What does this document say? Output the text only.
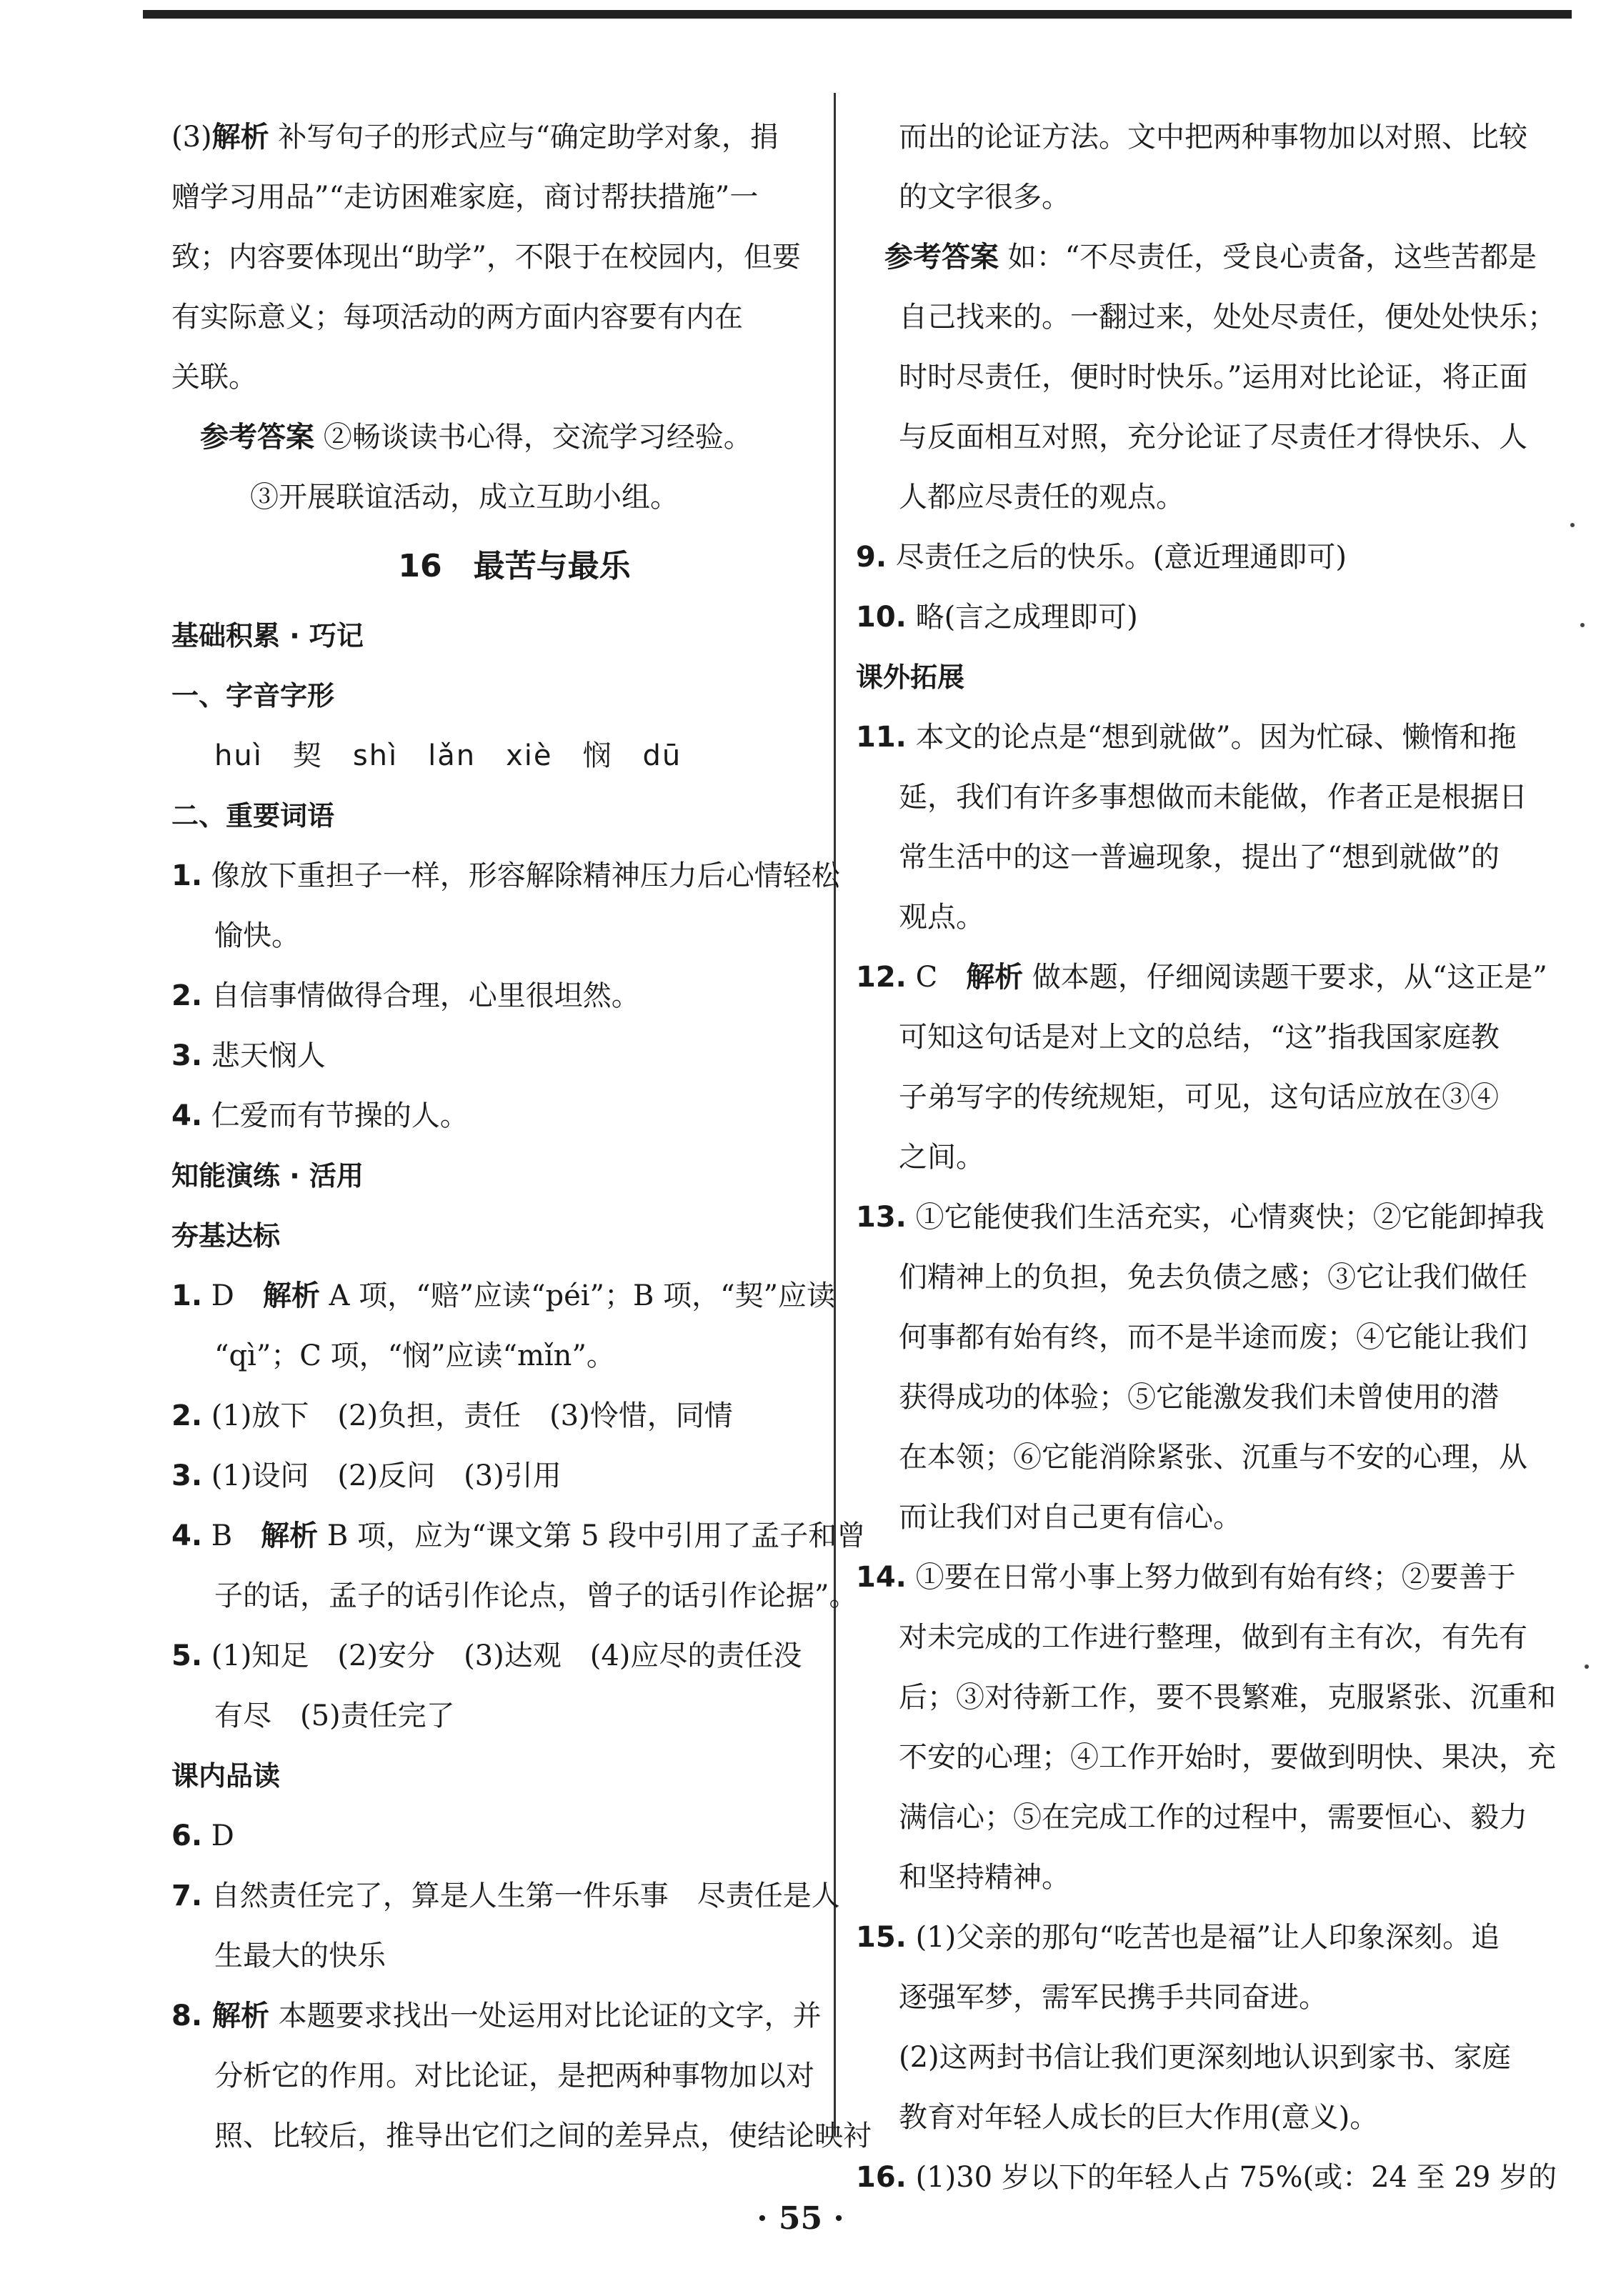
(3)解析 补写句子的形式应与“确定助学对象，捐
赠学习用品”“走访困难家庭，商讨帮扶措施”一
致；内容要体现出“助学”，不限于在校园内，但要
有实际意义；每项活动的两方面内容要有内在
关联。
参考答案 ②畅谈读书心得，交流学习经验。
③开展联谊活动，成立互助小组。
16　最苦与最乐
基础积累 · 巧记
一、字音字形
huì　契　shì　lǎn　xiè　悯　dū
二、重要词语
1. 像放下重担子一样，形容解除精神压力后心情轻松
愉快。
2. 自信事情做得合理，心里很坦然。
3. 悲天悯人
4. 仁爱而有节操的人。
知能演练 · 活用
夯基达标
1. D　解析 A 项，“赔”应读“péi”；B 项，“契”应读
“qì”；C 项，“悯”应读“mǐn”。
2. (1)放下　(2)负担，责任　(3)怜惜，同情
3. (1)设问　(2)反问　(3)引用
4. B　解析 B 项，应为“课文第 5 段中引用了孟子和曾
子的话，孟子的话引作论点，曾子的话引作论据”。
5. (1)知足　(2)安分　(3)达观　(4)应尽的责任没
有尽　(5)责任完了
课内品读
6. D
7. 自然责任完了，算是人生第一件乐事　尽责任是人
生最大的快乐
8. 解析 本题要求找出一处运用对比论证的文字，并
分析它的作用。对比论证，是把两种事物加以对
照、比较后，推导出它们之间的差异点，使结论映衬
而出的论证方法。文中把两种事物加以对照、比较
的文字很多。
参考答案 如：“不尽责任，受良心责备，这些苦都是
自己找来的。一翻过来，处处尽责任，便处处快乐；
时时尽责任，便时时快乐。”运用对比论证，将正面
与反面相互对照，充分论证了尽责任才得快乐、人
人都应尽责任的观点。
9. 尽责任之后的快乐。(意近理通即可)
10. 略(言之成理即可)
课外拓展
11. 本文的论点是“想到就做”。因为忙碌、懒惰和拖
延，我们有许多事想做而未能做，作者正是根据日
常生活中的这一普遍现象，提出了“想到就做”的
观点。
12. C　解析 做本题，仔细阅读题干要求，从“这正是”
可知这句话是对上文的总结，“这”指我国家庭教
子弟写字的传统规矩，可见，这句话应放在③④
之间。
13. ①它能使我们生活充实，心情爽快；②它能卸掉我
们精神上的负担，免去负债之感；③它让我们做任
何事都有始有终，而不是半途而废；④它能让我们
获得成功的体验；⑤它能激发我们未曾使用的潜
在本领；⑥它能消除紧张、沉重与不安的心理，从
而让我们对自己更有信心。
14. ①要在日常小事上努力做到有始有终；②要善于
对未完成的工作进行整理，做到有主有次，有先有
后；③对待新工作，要不畏繁难，克服紧张、沉重和
不安的心理；④工作开始时，要做到明快、果决，充
满信心；⑤在完成工作的过程中，需要恒心、毅力
和坚持精神。
15. (1)父亲的那句“吃苦也是福”让人印象深刻。追
逐强军梦，需军民携手共同奋进。
(2)这两封书信让我们更深刻地认识到家书、家庭
教育对年轻人成长的巨大作用(意义)。
16. (1)30 岁以下的年轻人占 75%(或：24 至 29 岁的
· 55 ·
